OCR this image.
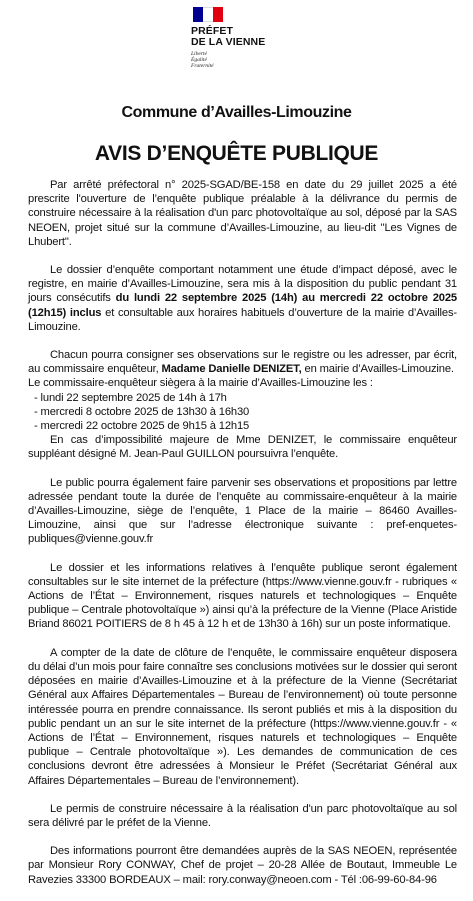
PRÉFET
DE LA VIENNE
Liberté
Égalité
Fraternité
Commune d’Availles-Limouzine
AVIS D’ENQUÊTE PUBLIQUE

Par arrêté préfectoral n° 2025-SGAD/BE-158 en date du 29 juillet 2025 a été prescrite l'ouverture de l’enquête publique préalable à la délivrance du permis de construire nécessaire à la réalisation d'un parc photovoltaïque au sol, déposé par la SAS NEOEN, projet situé sur la commune d’Availles-Limouzine, au lieu-dit "Les Vignes de Lhubert".

Le dossier d’enquête comportant notamment une étude d’impact déposé, avec le registre, en mairie d’Availles-Limouzine, sera mis à la disposition du public pendant 31 jours consécutifs du lundi 22 septembre 2025 (14h) au mercredi 22 octobre 2025 (12h15) inclus et consultable aux horaires habituels d’ouverture de la mairie d’Availles-Limouzine.

Chacun pourra consigner ses observations sur le registre ou les adresser, par écrit, au commissaire enquêteur, Madame Danielle DENIZET, en mairie d’Availles-Limouzine.

Le commissaire-enquêteur siègera à la mairie d’Availles-Limouzine les :

- lundi 22 septembre 2025 de 14h à 17h
- mercredi 8 octobre 2025 de 13h30 à 16h30
- mercredi 22 octobre 2025 de 9h15 à 12h15

En cas d’impossibilité majeure de Mme DENIZET, le commissaire enquêteur suppléant désigné M. Jean-Paul GUILLON poursuivra l’enquête.

Le public pourra également faire parvenir ses observations et propositions par lettre adressée pendant toute la durée de l’enquête au commissaire-enquêteur à la mairie d’Availles-Limouzine, siège de l’enquête, 1 Place de la mairie – 86460 Availles-Limouzine, ainsi que sur l’adresse électronique suivante : pref-enquetes-publiques@vienne.gouv.fr

Le dossier et les informations relatives à l’enquête publique seront également consultables sur le site internet de la préfecture (https://www.vienne.gouv.fr - rubriques « Actions de l’État – Environnement, risques naturels et technologiques – Enquête publique – Centrale photovoltaïque ») ainsi qu’à la préfecture de la Vienne (Place Aristide Briand 86021 POITIERS de 8 h 45 à 12 h et de 13h30 à 16h) sur un poste informatique.

A compter de la date de clôture de l’enquête, le commissaire enquêteur disposera du délai d’un mois pour faire connaître ses conclusions motivées sur le dossier qui seront déposées en mairie d’Availles-Limouzine et à la préfecture de la Vienne (Secrétariat Général aux Affaires Départementales – Bureau de l’environnement) où toute personne intéressée pourra en prendre connaissance. Ils seront publiés et mis à la disposition du public pendant un an sur le site internet de la préfecture (https://www.vienne.gouv.fr - « Actions de l’État – Environnement, risques naturels et technologiques – Enquête publique – Centrale photovoltaïque »). Les demandes de communication de ces conclusions devront être adressées à Monsieur le Préfet (Secrétariat Général aux Affaires Départementales – Bureau de l’environnement).

Le permis de construire nécessaire à la réalisation d'un parc photovoltaïque au sol sera délivré par le préfet de la Vienne.

Des informations pourront être demandées auprès de la SAS NEOEN, représentée par Monsieur Rory CONWAY, Chef de projet – 20-28 Allée de Boutaut, Immeuble Le Ravezies 33300 BORDEAUX – mail: rory.conway@neoen.com - Tél :06-99-60-84-96
